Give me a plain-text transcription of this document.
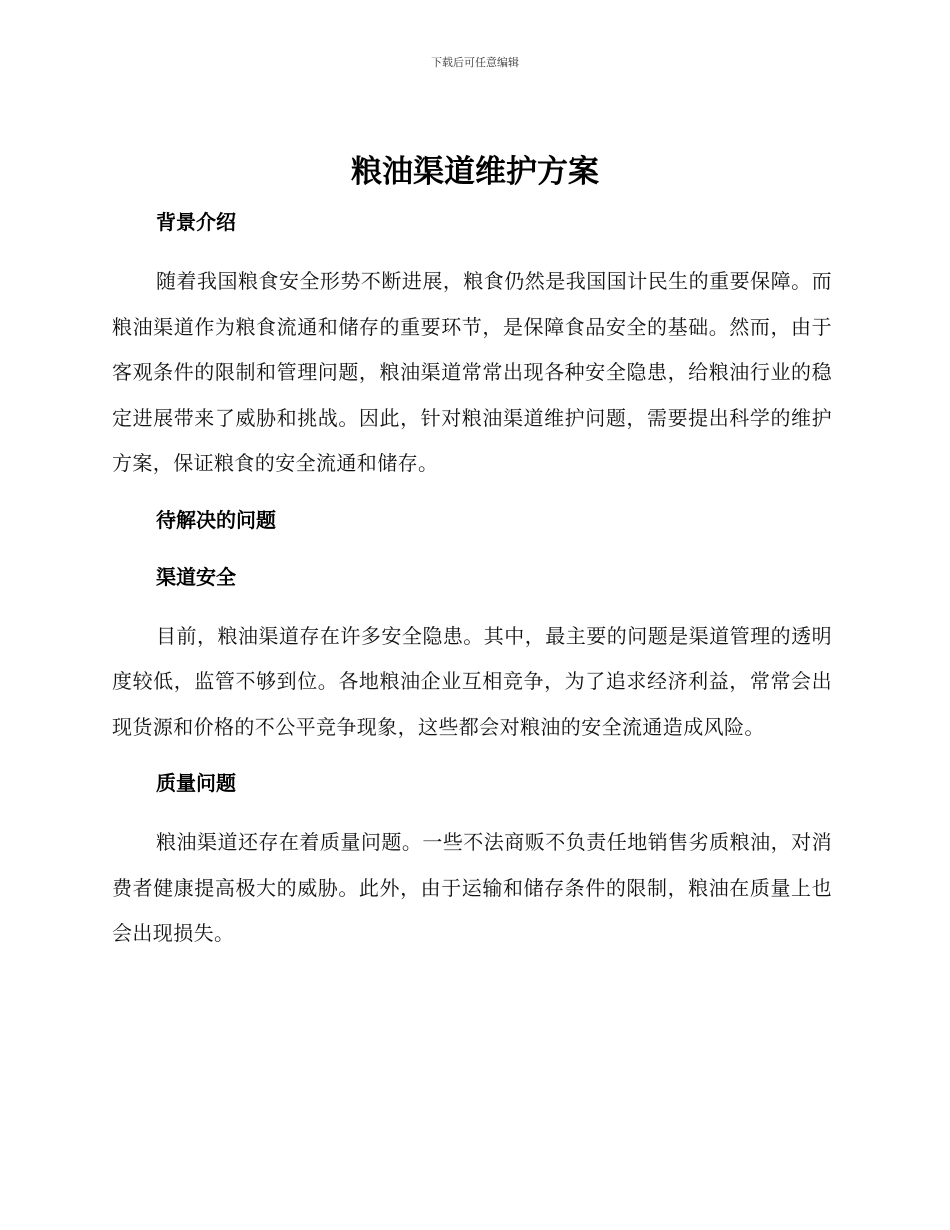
下载后可任意编辑
粮油渠道维护方案
背景介绍

随着我国粮食安全形势不断进展，粮食仍然是我国国计民生的重要保障。而粮油渠道作为粮食流通和储存的重要环节，是保障食品安全的基础。然而，由于客观条件的限制和管理问题，粮油渠道常常出现各种安全隐患，给粮油行业的稳定进展带来了威胁和挑战。因此，针对粮油渠道维护问题，需要提出科学的维护方案，保证粮食的安全流通和储存。

待解决的问题
渠道安全

目前，粮油渠道存在许多安全隐患。其中，最主要的问题是渠道管理的透明度较低，监管不够到位。各地粮油企业互相竞争，为了追求经济利益，常常会出现货源和价格的不公平竞争现象，这些都会对粮油的安全流通造成风险。

质量问题

粮油渠道还存在着质量问题。一些不法商贩不负责任地销售劣质粮油，对消费者健康提高极大的威胁。此外，由于运输和储存条件的限制，粮油在质量上也会出现损失。
